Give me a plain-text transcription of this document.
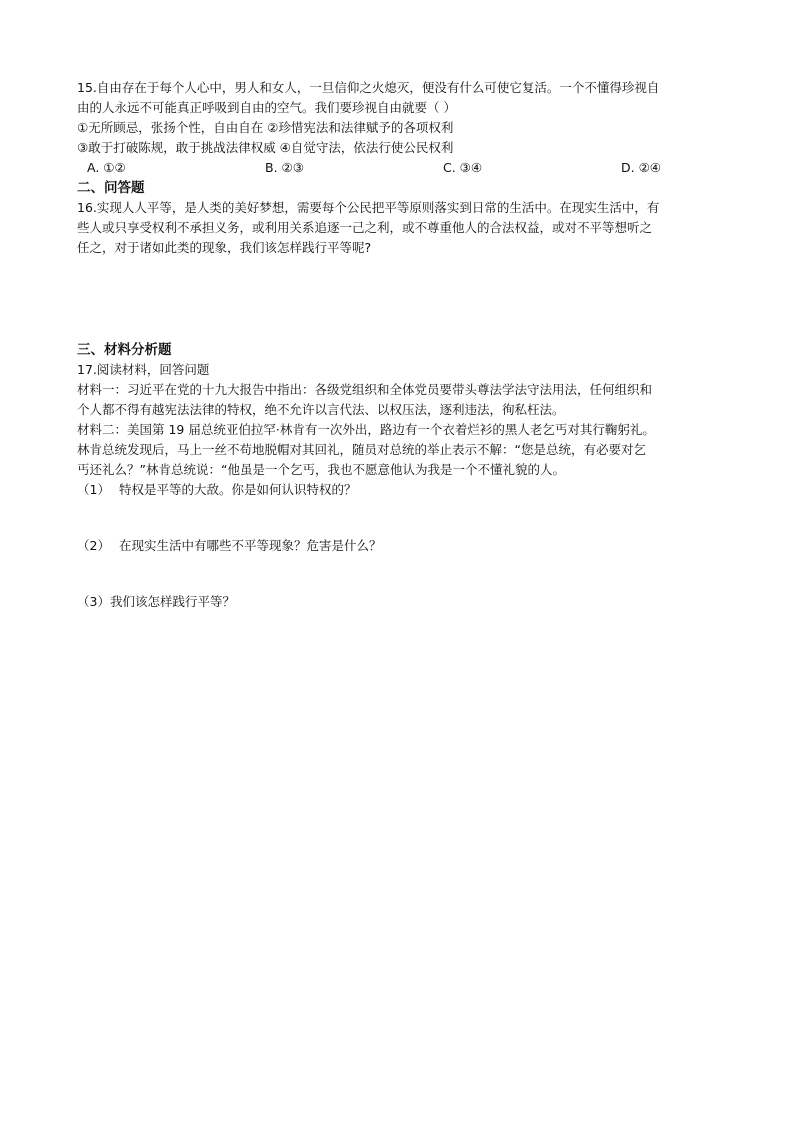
15.自由存在于每个人心中，男人和女人，一旦信仰之火熄灭，便没有什么可使它复活。一个不懂得珍视自
由的人永远不可能真正呼吸到自由的空气。我们要珍视自由就要（ ）
①无所顾忌，张扬个性，自由自在 ②珍惜宪法和法律赋予的各项权利
③敢于打破陈规，敢于挑战法律权威 ④自觉守法，依法行使公民权利
A. ①②	B. ②③	C. ③④	D. ②④
二、问答题
16.实现人人平等，是人类的美好梦想，需要每个公民把平等原则落实到日常的生活中。在现实生活中，有
些人或只享受权利不承担义务，或利用关系追逐一己之利，或不尊重他人的合法权益，或对不平等想听之
任之，对于诸如此类的现象，我们该怎样践行平等呢?
三、材料分析题
17.阅读材料，回答问题
材料一：习近平在党的十九大报告中指出：各级党组织和全体党员要带头尊法学法守法用法，任何组织和
个人都不得有越宪法法律的特权，绝不允许以言代法、以权压法，逐利违法，徇私枉法。
材料二：美国第 19 届总统亚伯拉罕·林肯有一次外出，路边有一个衣着烂衫的黑人老乞丐对其行鞠躬礼。
林肯总统发现后，马上一丝不苟地脱帽对其回礼，随员对总统的举止表示不解：“您是总统，有必要对乞
丐还礼么？”林肯总统说：“他虽是一个乞丐，我也不愿意他认为我是一个不懂礼貌的人。
（1） 特权是平等的大敌。你是如何认识特权的？
（2） 在现实生活中有哪些不平等现象？危害是什么？
（3）我们该怎样践行平等？
